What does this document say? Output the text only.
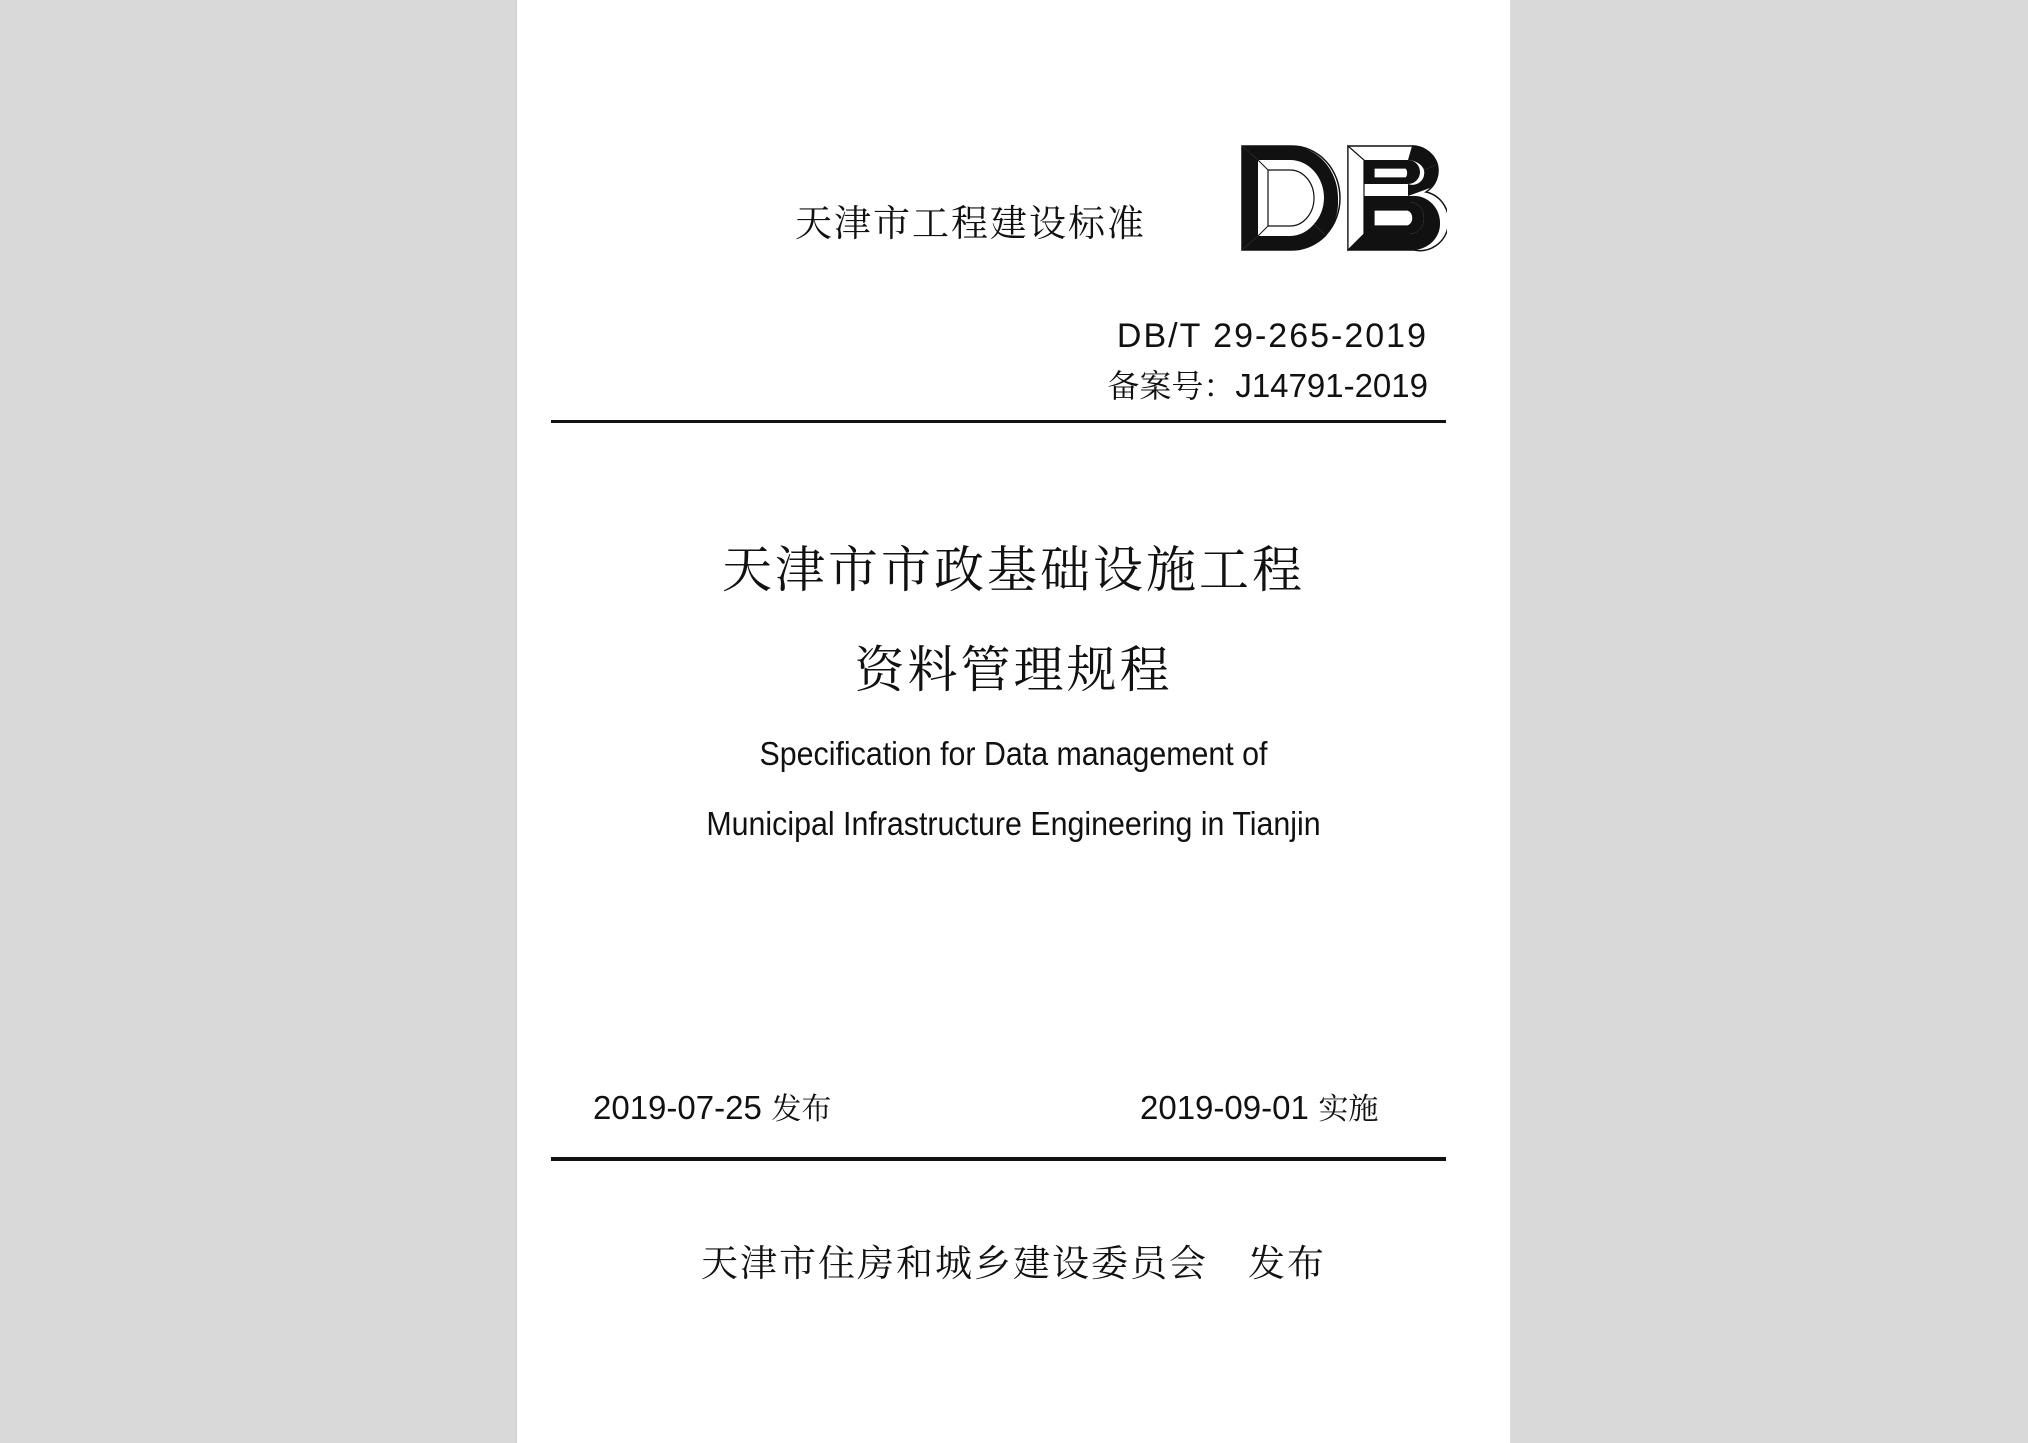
天津市工程建设标准
DB/T 29-265-2019
备案号：J14791-2019
天津市市政基础设施工程
资料管理规程
Specification for Data management of
Municipal Infrastructure Engineering in Tianjin
2019-07-25 发布	2019-09-01 实施
天津市住房和城乡建设委员会 发布
